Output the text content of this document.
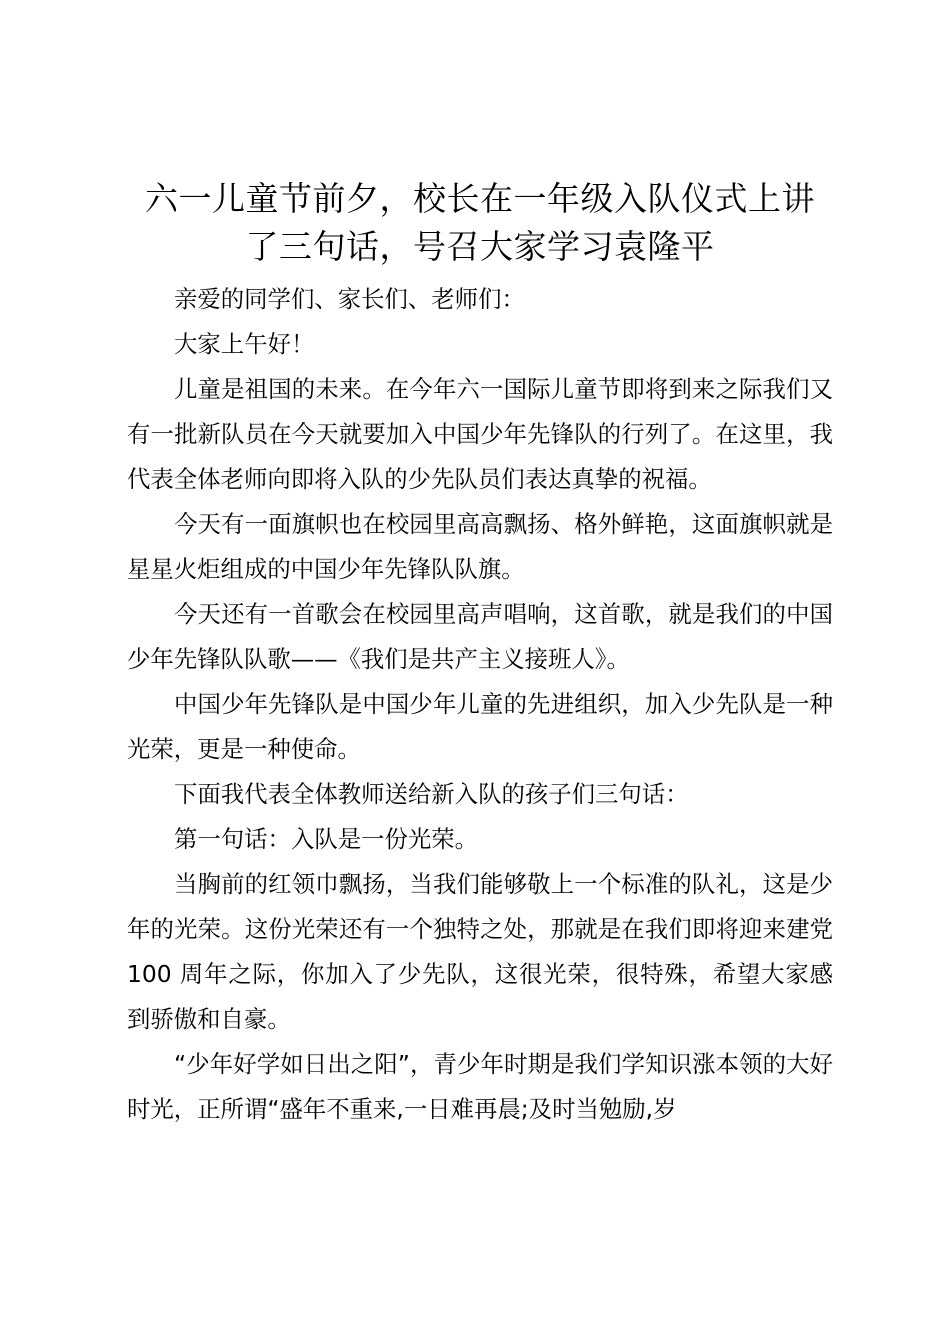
六一儿童节前夕，校长在一年级入队仪式上讲
了三句话，号召大家学习袁隆平

亲爱的同学们、家长们、老师们：

大家上午好！

儿童是祖国的未来。在今年六一国际儿童节即将到来之际我们又有一批新队员在今天就要加入中国少年先锋队的行列了。在这里，我代表全体老师向即将入队的少先队员们表达真挚的祝福。

今天有一面旗帜也在校园里高高飘扬、格外鲜艳，这面旗帜就是星星火炬组成的中国少年先锋队队旗。

今天还有一首歌会在校园里高声唱响，这首歌，就是我们的中国少年先锋队队歌——《我们是共产主义接班人》。

中国少年先锋队是中国少年儿童的先进组织，加入少先队是一种光荣，更是一种使命。

下面我代表全体教师送给新入队的孩子们三句话：

第一句话：入队是一份光荣。

当胸前的红领巾飘扬，当我们能够敬上一个标准的队礼，这是少年的光荣。这份光荣还有一个独特之处，那就是在我们即将迎来建党 100 周年之际，你加入了少先队，这很光荣，很特殊，希望大家感到骄傲和自豪。

“少年好学如日出之阳”，青少年时期是我们学知识涨本领的大好时光，正所谓“盛年不重来,一日难再晨;及时当勉励,岁
